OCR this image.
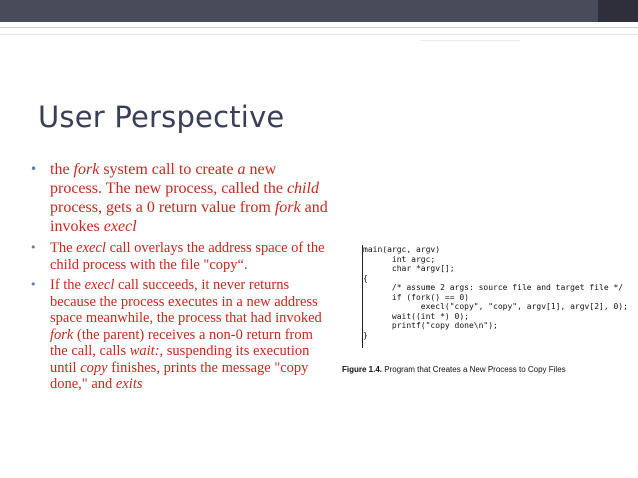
User Perspective
• the fork system call to create a new process. The new process, called the child process, gets a 0 return value from fork and invokes execl
• The execl call overlays the address space of the child process with the file "copy“.
• If the execl call succeeds, it never returns because the process executes in a new address space meanwhile, the process that had invoked fork (the parent) receives a non-0 return from the call, calls wait:, suspending its execution until copy finishes, prints the message "copy done," and exits
main(argc, argv)
int argc;
char *argv[];
{
/* assume 2 args: source file and target file */
if (fork() == 0)
execl("copy", "copy", argv[1], argv[2], 0);
wait((int *) 0);
printf("copy done\n");
}
Figure 1.4. Program that Creates a New Process to Copy Files
